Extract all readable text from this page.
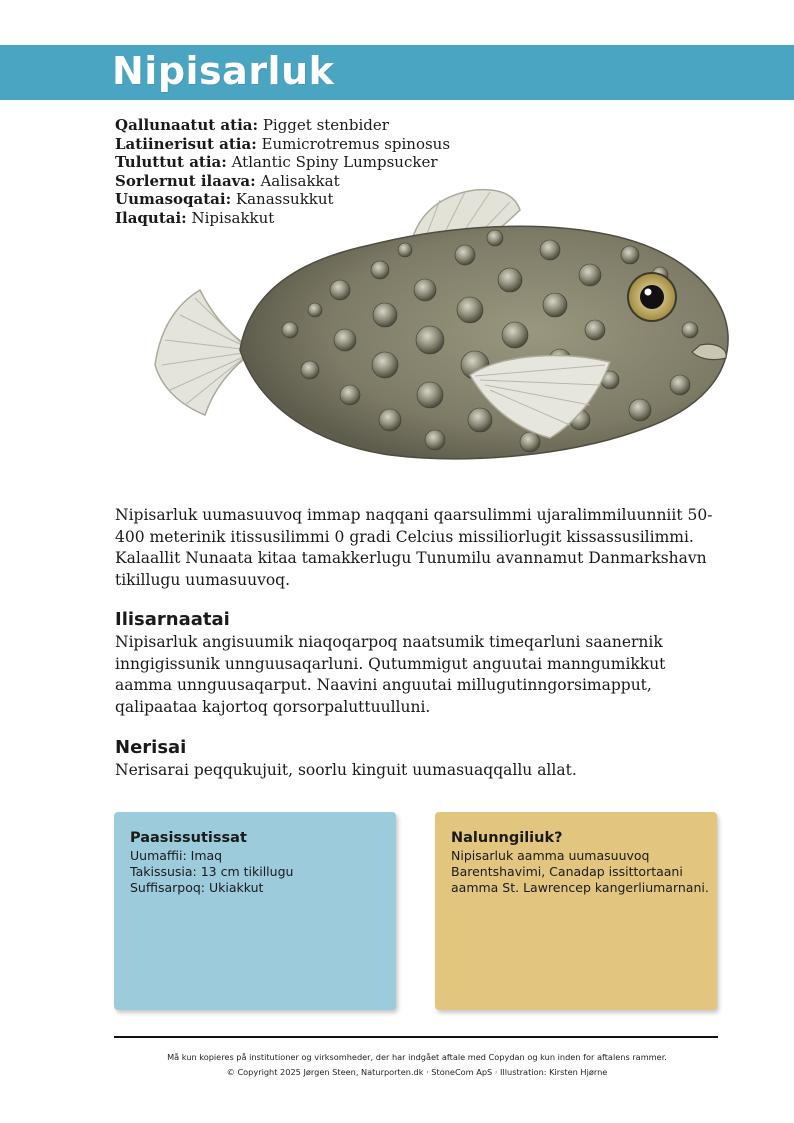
Nipisarluk
Qallunaatut atia: Pigget stenbider
Latiinerisut atia: Eumicrotremus spinosus
Tuluttut atia: Atlantic Spiny Lumpsucker
Sorlernut ilaava: Aalisakkat
Uumasoqatai: Kanassukkut
Ilaqutai: Nipisakkut

Nipisarluk uumasuuvoq immap naqqani qaarsulimmi ujaralimmiluunniit 50-400 meterinik itissusilimmi 0 gradi Celcius missiliorlugit kissassusilimmi. Kalaallit Nunaata kitaa tamakkerlugu Tunumilu avannamut Danmarkshavn tikillugu uumasuuvoq.

Ilisarnaatai

Nipisarluk angisuumik niaqoqarpoq naatsumik timeqarluni saanernik inngigissunik unnguusaqarluni. Qutummigut anguutai manngumikkut aamma unnguusaqarput. Naavini anguutai millugutinngorsimapput, qalipaataa kajortoq qorsorpaluttuulluni.

Nerisai

Nerisarai peqqukujuit, soorlu kinguit uumasuaqqallu allat.

Paasissutissat
Uumaffii: Imaq
Takissusia: 13 cm tikillugu
Suffisarpoq: Ukiakkut
Nalunngiliuk?
Nipisarluk aamma uumasuuvoq
Barentshavimi, Canadap issittortaani
aamma St. Lawrencep kangerliumarnani.
Må kun kopieres på institutioner og virksomheder, der har indgået aftale med Copydan og kun inden for aftalens rammer.
© Copyright 2025 Jørgen Steen, Naturporten.dk · StoneCom ApS · Illustration: Kirsten Hjørne
